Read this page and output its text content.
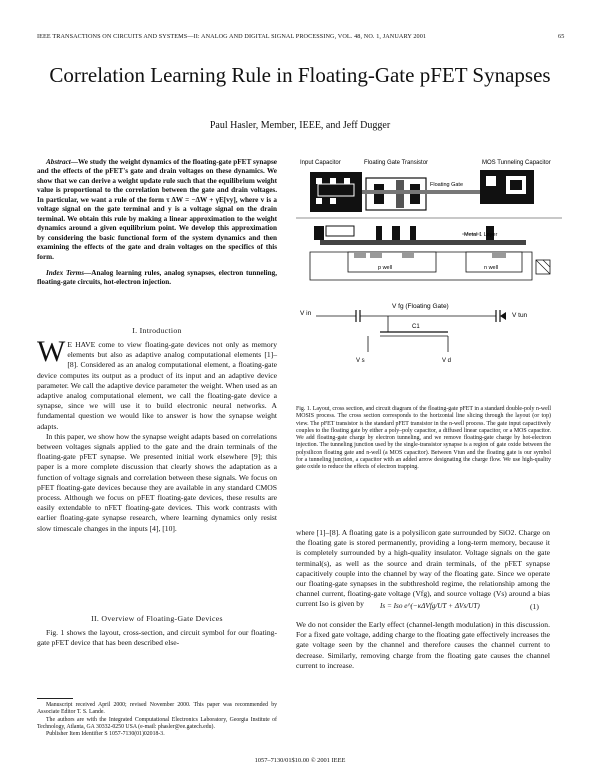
IEEE TRANSACTIONS ON CIRCUITS AND SYSTEMS—II: ANALOG AND DIGITAL SIGNAL PROCESSING, VOL. 48, NO. 1, JANUARY 2001	65
Correlation Learning Rule in Floating-Gate pFET Synapses
Paul Hasler, Member, IEEE, and Jeff Dugger

Abstract—We study the weight dynamics of the floating-gate pFET synapse and the effects of the pFET's gate and drain voltages on these dynamics. We show that we can derive a weight update rule such that the equilibrium weight value is proportional to the correlation between the gate and drain voltages. In particular, we want a rule of the form τ ΔW = −ΔW + γE[vy], where v is a voltage signal on the gate terminal and y is a voltage signal on the drain terminal. We obtain this rule by making a linear approximation to the weight dynamics around a given equilibrium point. We develop this approximation by considering the basic functional form of the system dynamics and then examining the effects of the gate and drain voltages on the specifics of this form.

Index Terms—Analog learning rules, analog synapses, electron tunneling, floating-gate circuits, hot-electron injection.

I. Introduction

W E HAVE come to view floating-gate devices not only as memory elements but also as adaptive analog computational elements [1]–[8]. Considered as an analog computational element, a floating-gate device computes its output as a product of its input and an adaptive device parameter. We call the adaptive device parameter the weight. When used as an adaptive analog computational element, we call the floating-gate device a synapse, since we will use it to build electronic neural networks. A fundamental question we would like to answer is how the synapse weight adapts.

In this paper, we show how the synapse weight adapts based on correlations between voltages signals applied to the gate and the drain terminals of the floating-gate pFET synapse. We presented initial work elsewhere [9]; this paper is a more complete discussion that clearly shows the adaptation as a function of voltage signals and correlation between these signals. We focus on pFET floating-gate devices because they are available in any standard CMOS process. Although we focus on pFET floating-gate devices, these results are easily extendable to nFET floating-gate devices. This work contrasts with earlier floating-gate synapse research, where learning dynamics only resist slow timescale changes in the inputs [4], [10].

II. Overview of Floating-Gate Devices
Fig. 1 shows the layout, cross-section, and circuit symbol for our floating-gate pFET device that has been described else-
Manuscript received April 2000; revised November 2000. This paper was recommended by Associate Editor T. S. Lande.
The authors are with the Integrated Computational Electronics Laboratory, Georgia Institute of Technology, Atlanta, GA 30332-0250 USA (e-mail: phasler@ee.gatech.edu).
Publisher Item Identifier S 1057-7130(01)02018-3.
Input Capacitor	Floating Gate Transistor	MOS Tunneling Capacitor
Floating Gate
Metal 1 Layer
p well	n well
V in
V fg (Floating Gate)
V tun
C1
V s	V d
Fig. 1. Layout, cross section, and circuit diagram of the floating-gate pFET in a standard double-poly n-well MOSIS process. The cross section corresponds to the horizontal line slicing through the layout (or top) view. The pFET transistor is the standard pFET transistor in the n-well process. The gate input capacitively couples to the floating gate by either a poly–poly capacitor, a diffused linear capacitor, or a MOS capacitor. We add floating-gate charge by electron tunneling, and we remove floating-gate charge by hot-electron injection. The tunneling junction used by the single-transistor synapse is a region of gate oxide between the polysilicon floating gate and n-well (a MOS capacitor). Between Vtun and the floating gate is our symbol for a tunneling junction, a capacitor with an added arrow designating the charge flow. We use high-quality gate oxide to reduce the effects of electron trapping.
where [1]–[8]. A floating gate is a polysilicon gate surrounded by SiO2. Charge on the floating gate is stored permanently, providing a long-term memory, because it is completely surrounded by a high-quality insulator. Voltage signals on the gate terminal(s), as well as the source and drain terminals, of the pFET synapse capacitively couple into the channel by way of the floating gate. Since we operate our floating-gate synapses in the subthreshold regime, the relationship among the channel current, floating-gate voltage (Vfg), and source voltage (Vs) around a bias current Iso is given by	Is = Iso e^(−κΔVfg/UT + ΔVs/UT)	(1)
We do not consider the Early effect (channel-length modulation) in this discussion. For a fixed gate voltage, adding charge to the floating gate effectively increases the gate voltage seen by the channel and therefore causes the channel current to decrease. Similarly, removing charge from the floating gate causes the channel current to increase.
1057–7130/01$10.00 © 2001 IEEE
